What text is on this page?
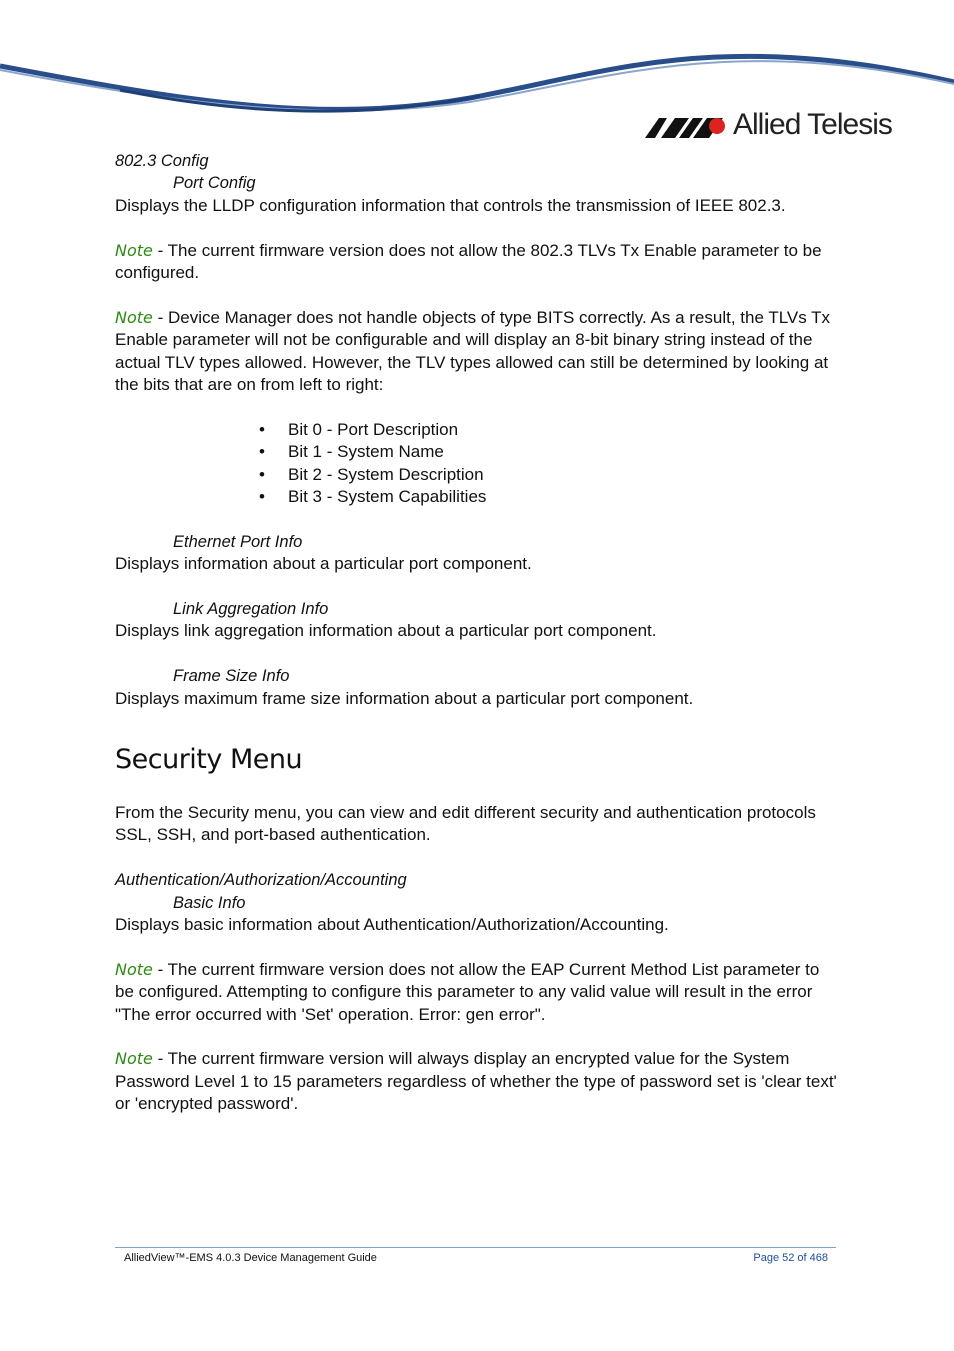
Allied Telesis
802.3 Config
Port Config

Displays the LLDP configuration information that controls the transmission of IEEE 802.3.

Note - The current firmware version does not allow the 802.3 TLVs Tx Enable parameter to be configured.

Note - Device Manager does not handle objects of type BITS correctly. As a result, the TLVs Tx Enable parameter will not be configurable and will display an 8-bit binary string instead of the actual TLV types allowed. However, the TLV types allowed can still be determined by looking at the bits that are on from left to right:

• Bit 0 - Port Description
• Bit 1 - System Name
• Bit 2 - System Description
• Bit 3 - System Capabilities
Ethernet Port Info

Displays information about a particular port component.

Link Aggregation Info

Displays link aggregation information about a particular port component.

Frame Size Info

Displays maximum frame size information about a particular port component.

Security Menu

From the Security menu, you can view and edit different security and authentication protocols SSL, SSH, and port-based authentication.

Authentication/Authorization/Accounting
Basic Info

Displays basic information about Authentication/Authorization/Accounting.

Note - The current firmware version does not allow the EAP Current Method List parameter to be configured. Attempting to configure this parameter to any valid value will result in the error "The error occurred with 'Set' operation. Error: gen error".

Note - The current firmware version will always display an encrypted value for the System Password Level 1 to 15 parameters regardless of whether the type of password set is 'clear text' or 'encrypted password'.

AlliedView™-EMS 4.0.3 Device Management Guide	Page 52 of 468
